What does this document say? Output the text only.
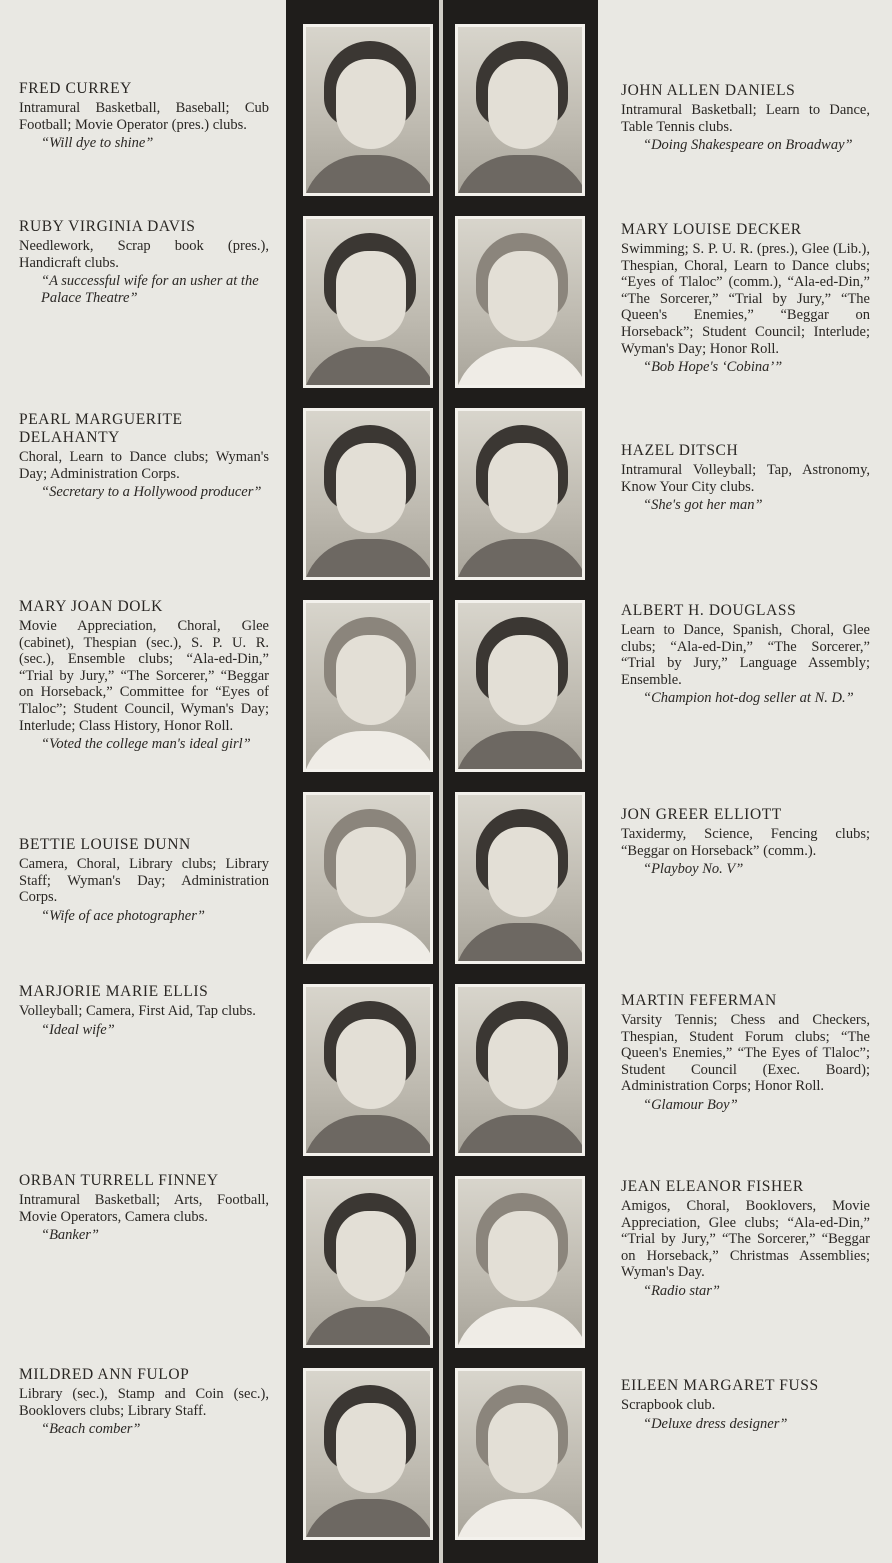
FRED CURREY
Intramural Basketball, Baseball; Cub Football; Movie Operator (pres.) clubs.
“Will dye to shine”
RUBY VIRGINIA DAVIS
Needlework, Scrap book (pres.), Handicraft clubs.
“A successful wife for an usher at the Palace Theatre”
PEARL MARGUERITE DELAHANTY
Choral, Learn to Dance clubs; Wyman's Day; Administration Corps.
“Secretary to a Hollywood producer”
MARY JOAN DOLK
Movie Appreciation, Choral, Glee (cabinet), Thespian (sec.), S. P. U. R. (sec.), Ensemble clubs; “Ala-ed-Din,” “Trial by Jury,” “The Sorcerer,” “Beggar on Horseback,” Committee for “Eyes of Tlaloc”; Student Council, Wyman's Day; Interlude; Class History, Honor Roll.
“Voted the college man's ideal girl”
BETTIE LOUISE DUNN
Camera, Choral, Library clubs; Library Staff; Wyman's Day; Administration Corps.
“Wife of ace photographer”
MARJORIE MARIE ELLIS
Volleyball; Camera, First Aid, Tap clubs.
“Ideal wife”
ORBAN TURRELL FINNEY
Intramural Basketball; Arts, Football, Movie Operators, Camera clubs.
“Banker”
MILDRED ANN FULOP
Library (sec.), Stamp and Coin (sec.), Booklovers clubs; Library Staff.
“Beach comber”
JOHN ALLEN DANIELS
Intramural Basketball; Learn to Dance, Table Tennis clubs.
“Doing Shakespeare on Broadway”
MARY LOUISE DECKER
Swimming; S. P. U. R. (pres.), Glee (Lib.), Thespian, Choral, Learn to Dance clubs; “Eyes of Tlaloc” (comm.), “Ala-ed-Din,” “The Sorcerer,” “Trial by Jury,” “The Queen's Enemies,” “Beggar on Horseback”; Student Council; Interlude; Wyman's Day; Honor Roll.
“Bob Hope's ‘Cobina’”
HAZEL DITSCH
Intramural Volleyball; Tap, Astronomy, Know Your City clubs.
“She's got her man”
ALBERT H. DOUGLASS
Learn to Dance, Spanish, Choral, Glee clubs; “Ala-ed-Din,” “The Sorcerer,” “Trial by Jury,” Language Assembly; Ensemble.
“Champion hot-dog seller at N. D.”
JON GREER ELLIOTT
Taxidermy, Science, Fencing clubs; “Beggar on Horseback” (comm.).
“Playboy No. V”
MARTIN FEFERMAN
Varsity Tennis; Chess and Checkers, Thespian, Student Forum clubs; “The Queen's Enemies,” “The Eyes of Tlaloc”; Student Council (Exec. Board); Administration Corps; Honor Roll.
“Glamour Boy”
JEAN ELEANOR FISHER
Amigos, Choral, Booklovers, Movie Appreciation, Glee clubs; “Ala-ed-Din,” “Trial by Jury,” “The Sorcerer,” “Beggar on Horseback,” Christmas Assemblies; Wyman's Day.
“Radio star”
EILEEN MARGARET FUSS
Scrapbook club.
“Deluxe dress designer”
